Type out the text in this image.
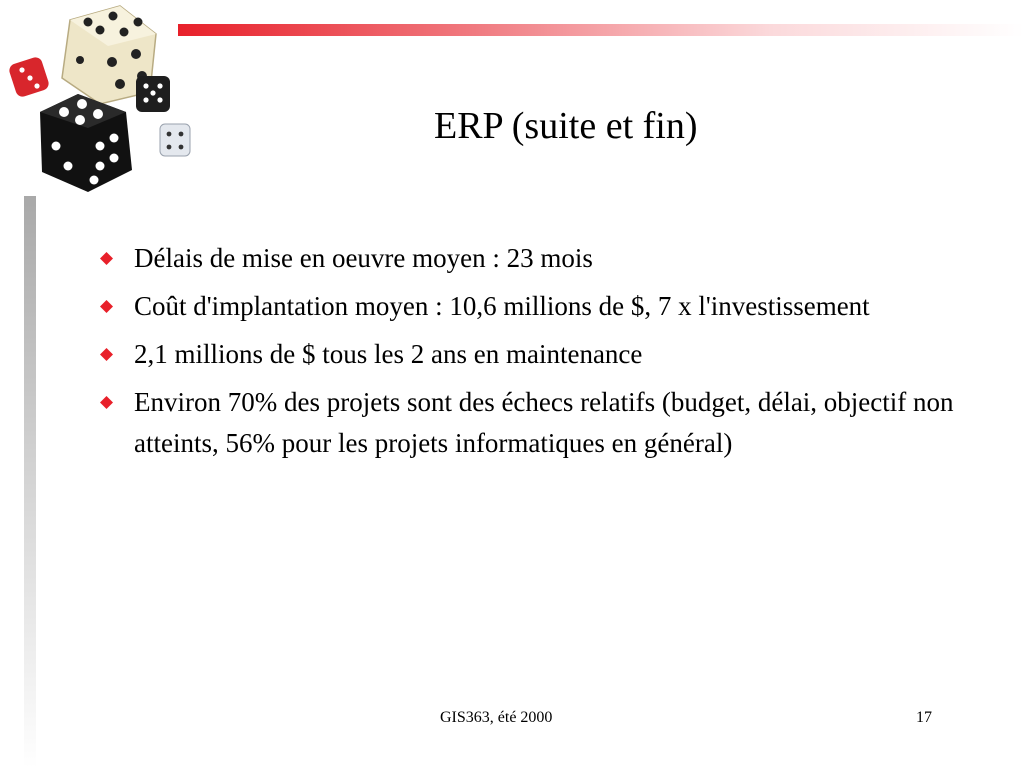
ERP (suite et fin)
Délais de mise en oeuvre moyen : 23 mois
Coût d'implantation moyen : 10,6 millions de $, 7 x l'investissement
2,1 millions de $ tous les 2 ans en maintenance
Environ 70% des projets sont des échecs relatifs (budget, délai, objectif non atteints, 56% pour les projets informatiques en général)
GIS363, été 2000	17
